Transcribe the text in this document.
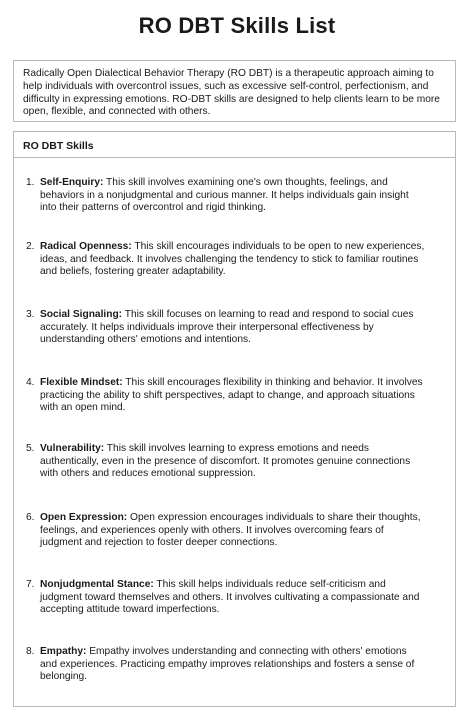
RO DBT Skills List

Radically Open Dialectical Behavior Therapy (RO DBT) is a therapeutic approach aiming to help individuals with overcontrol issues, such as excessive self-control, perfectionism, and difficulty in expressing emotions. RO-DBT skills are designed to help clients learn to be more open, flexible, and connected with others.

RO DBT Skills
1. Self-Enquiry: This skill involves examining one's own thoughts, feelings, and behaviors in a nonjudgmental and curious manner. It helps individuals gain insight into their patterns of overcontrol and rigid thinking.
2. Radical Openness: This skill encourages individuals to be open to new experiences, ideas, and feedback. It involves challenging the tendency to stick to familiar routines and beliefs, fostering greater adaptability.
3. Social Signaling: This skill focuses on learning to read and respond to social cues accurately. It helps individuals improve their interpersonal effectiveness by understanding others' emotions and intentions.
4. Flexible Mindset: This skill encourages flexibility in thinking and behavior. It involves practicing the ability to shift perspectives, adapt to change, and approach situations with an open mind.
5. Vulnerability: This skill involves learning to express emotions and needs authentically, even in the presence of discomfort. It promotes genuine connections with others and reduces emotional suppression.
6. Open Expression: Open expression encourages individuals to share their thoughts, feelings, and experiences openly with others. It involves overcoming fears of judgment and rejection to foster deeper connections.
7. Nonjudgmental Stance: This skill helps individuals reduce self-criticism and judgment toward themselves and others. It involves cultivating a compassionate and accepting attitude toward imperfections.
8. Empathy: Empathy involves understanding and connecting with others' emotions and experiences. Practicing empathy improves relationships and fosters a sense of belonging.
